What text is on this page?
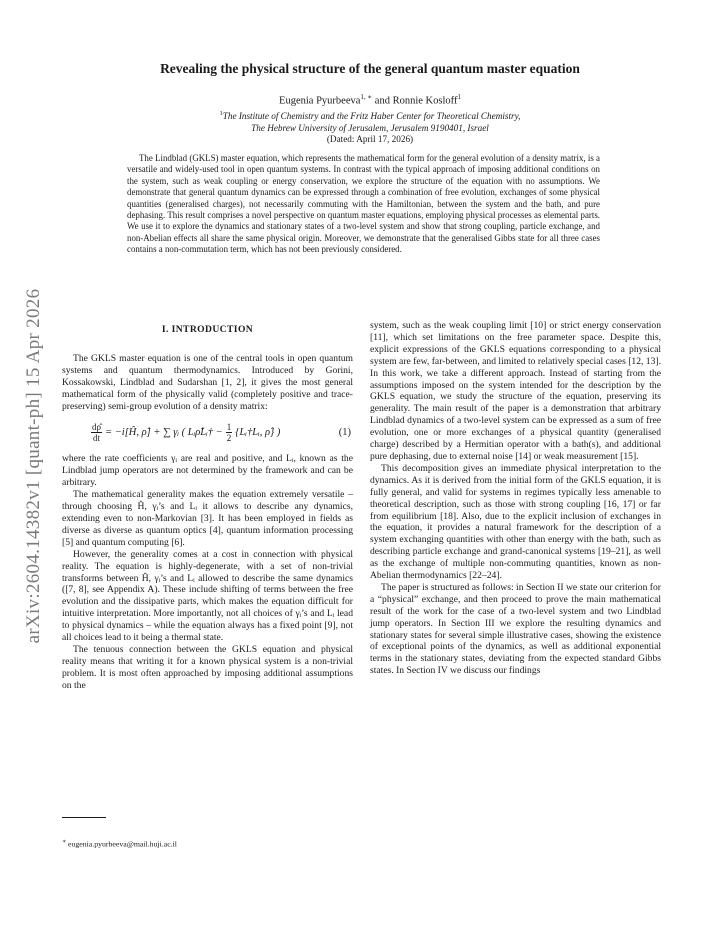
arXiv:2604.14382v1 [quant-ph] 15 Apr 2026
Revealing the physical structure of the general quantum master equation
Eugenia Pyurbeeva$^{1, ∗}$ and Ronnie Kosloff$^1$
$^1$The Institute of Chemistry and the Fritz Haber Center for Theoretical Chemistry,
The Hebrew University of Jerusalem, Jerusalem 9190401, Israel
(Dated: April 17, 2026)

The Lindblad (GKLS) master equation, which represents the mathematical form for the general evolution of a density matrix, is a versatile and widely-used tool in open quantum systems. In contrast with the typical approach of imposing additional conditions on the system, such as weak coupling or energy conservation, we explore the structure of the equation with no assumptions. We demonstrate that general quantum dynamics can be expressed through a combination of free evolution, exchanges of some physical quantities (generalised charges), not necessarily commuting with the Hamiltonian, between the system and the bath, and pure dephasing. This result comprises a novel perspective on quantum master equations, employing physical processes as elemental parts. We use it to explore the dynamics and stationary states of a two-level system and show that strong coupling, particle exchange, and non-Abelian effects all share the same physical origin. Moreover, we demonstrate that the generalised Gibbs state for all three cases contains a non-commutation term, which has not been previously considered.

I. INTRODUCTION

The GKLS master equation is one of the central tools in open quantum systems and quantum thermodynamics. Introduced by Gorini, Kossakowski, Lindblad and Sudarshan [1, 2], it gives the most general mathematical form of the physically valid (completely positive and trace-preserving) semi-group evolution of a density matrix:

$\frac{d\rhô}{dt}$ = −i[Ĥ, ρ̂] + ∑ γᵢ ( Lᵢρ̂Lᵢ† − $\frac{1}{2}$ {Lᵢ†Lᵢ, ρ̂} )	(1)

where the rate coefficients γᵢ are real and positive, and Lᵢ, known as the Lindblad jump operators are not determined by the framework and can be arbitrary.

The mathematical generality makes the equation extremely versatile – through choosing Ĥ, γᵢ’s and Lᵢ it allows to describe any dynamics, extending even to non-Markovian [3]. It has been employed in fields as diverse as diverse as quantum optics [4], quantum information processing [5] and quantum computing [6].

However, the generality comes at a cost in connection with physical reality. The equation is highly-degenerate, with a set of non-trivial transforms between Ĥ, γᵢ’s and Lᵢ allowed to describe the same dynamics ([7, 8], see Appendix A). These include shifting of terms between the free evolution and the dissipative parts, which makes the equation difficult for intuitive interpretation. More importantly, not all choices of γᵢ’s and Lᵢ lead to physical dynamics – while the equation always has a fixed point [9], not all choices lead to it being a thermal state.

The tenuous connection between the GKLS equation and physical reality means that writing it for a known physical system is a non-trivial problem. It is most often approached by imposing additional assumptions on the

system, such as the weak coupling limit [10] or strict energy conservation [11], which set limitations on the free parameter space. Despite this, explicit expressions of the GKLS equations corresponding to a physical system are few, far-between, and limited to relatively special cases [12, 13]. In this work, we take a different approach. Instead of starting from the assumptions imposed on the system intended for the description by the GKLS equation, we study the structure of the equation, preserving its generality. The main result of the paper is a demonstration that arbitrary Lindblad dynamics of a two-level system can be expressed as a sum of free evolution, one or more exchanges of a physical quantity (generalised charge) described by a Hermitian operator with a bath(s), and additional pure dephasing, due to external noise [14] or weak measurement [15].

This decomposition gives an immediate physical interpretation to the dynamics. As it is derived from the initial form of the GKLS equation, it is fully general, and valid for systems in regimes typically less amenable to theoretical description, such as those with strong coupling [16, 17] or far from equilibrium [18]. Also, due to the explicit inclusion of exchanges in the equation, it provides a natural framework for the description of a system exchanging quantities with other than energy with the bath, such as describing particle exchange and grand-canonical systems [19–21], as well as the exchange of multiple non-commuting quantities, known as non-Abelian thermodynamics [22–24].

The paper is structured as follows: in Section II we state our criterion for a “physical” exchange, and then proceed to prove the main mathematical result of the work for the case of a two-level system and two Lindblad jump operators. In Section III we explore the resulting dynamics and stationary states for several simple illustrative cases, showing the existence of exceptional points of the dynamics, as well as additional exponential terms in the stationary states, deviating from the expected standard Gibbs states. In Section IV we discuss our findings

∗ eugenia.pyurbeeva@mail.huji.ac.il
